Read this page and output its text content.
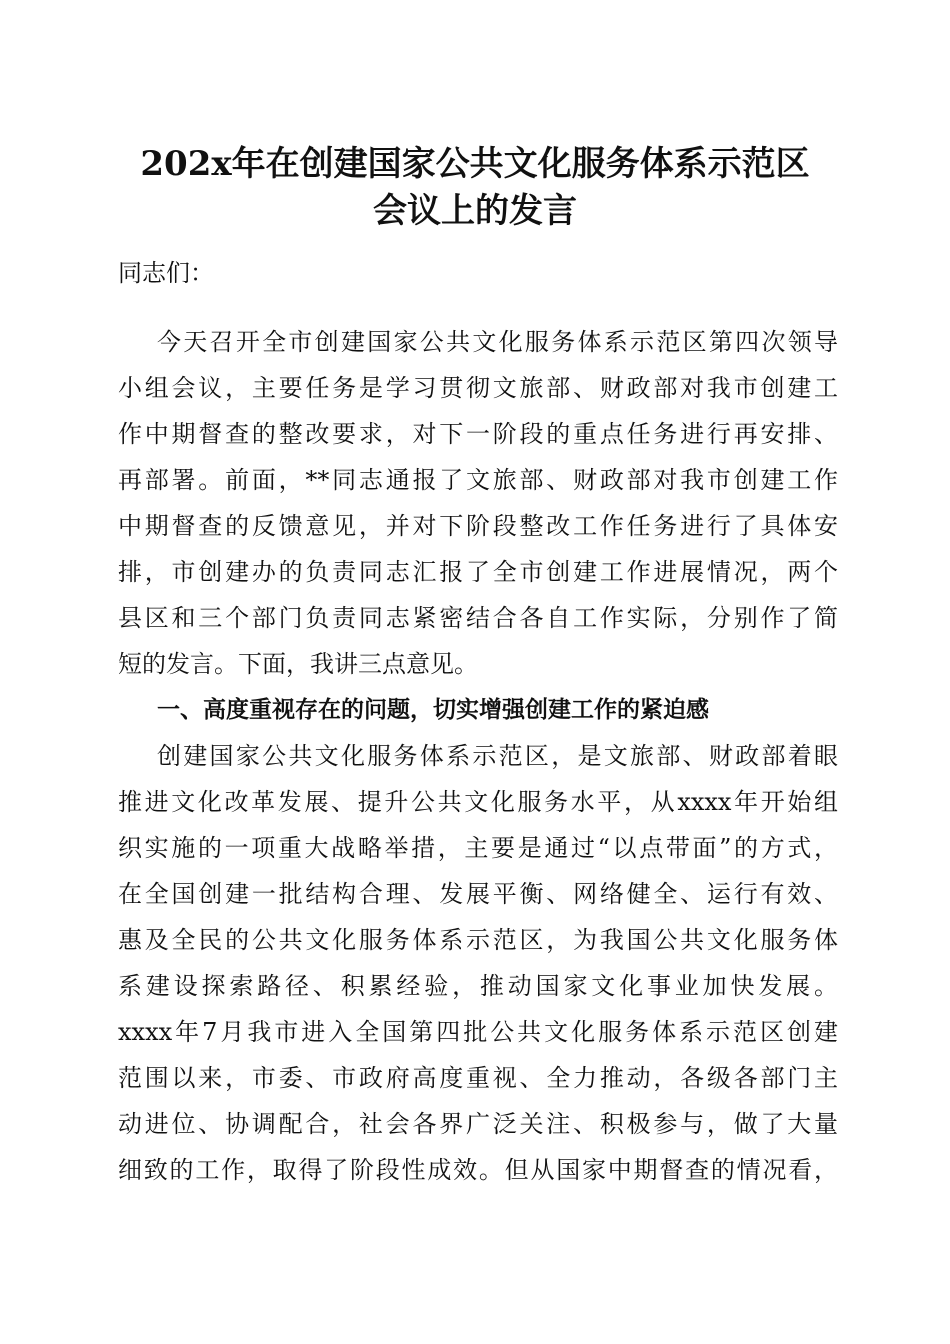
202x年在创建国家公共文化服务体系示范区
会议上的发言

同志们：

今天召开全市创建国家公共文化服务体系示范区第四次领导

小组会议，主要任务是学习贯彻文旅部、财政部对我市创建工

作中期督查的整改要求，对下一阶段的重点任务进行再安排、

再部署。前面，**同志通报了文旅部、财政部对我市创建工作

中期督查的反馈意见，并对下阶段整改工作任务进行了具体安

排，市创建办的负责同志汇报了全市创建工作进展情况，两个

县区和三个部门负责同志紧密结合各自工作实际，分别作了简

短的发言。下面，我讲三点意见。

一、高度重视存在的问题，切实增强创建工作的紧迫感

创建国家公共文化服务体系示范区，是文旅部、财政部着眼

推进文化改革发展、提升公共文化服务水平，从xxxx年开始组

织实施的一项重大战略举措，主要是通过“以点带面”的方式，

在全国创建一批结构合理、发展平衡、网络健全、运行有效、

惠及全民的公共文化服务体系示范区，为我国公共文化服务体

系建设探索路径、积累经验，推动国家文化事业加快发展。

xxxx年7月我市进入全国第四批公共文化服务体系示范区创建

范围以来，市委、市政府高度重视、全力推动，各级各部门主

动进位、协调配合，社会各界广泛关注、积极参与，做了大量

细致的工作，取得了阶段性成效。但从国家中期督查的情况看，
